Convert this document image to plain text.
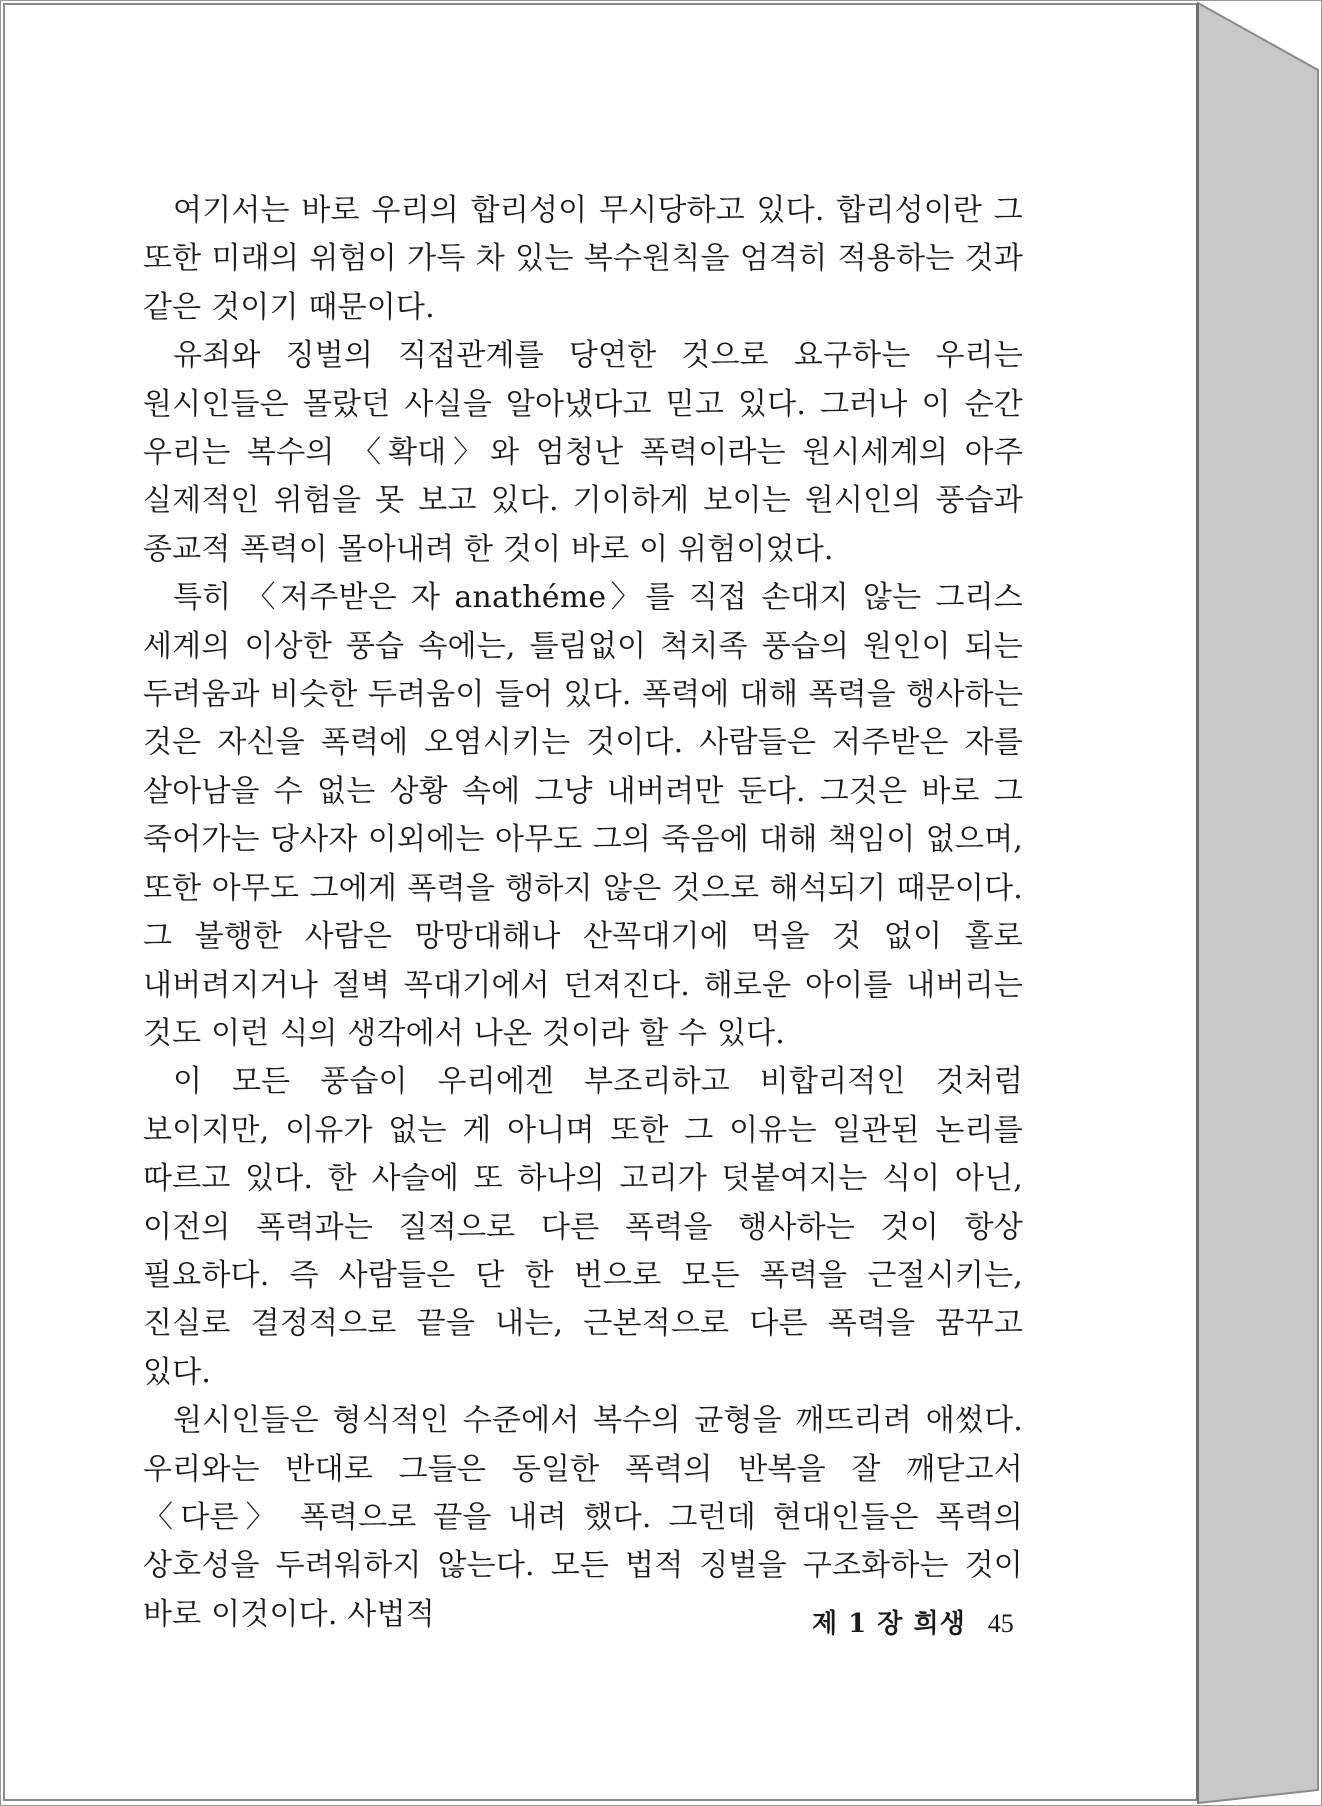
여기서는 바로 우리의 합리성이 무시당하고 있다. 합리성이란 그 또한 미래의 위험이 가득 차 있는 복수원칙을 엄격히 적용하는 것과 같은 것이기 때문이다.

유죄와 징벌의 직접관계를 당연한 것으로 요구하는 우리는 원시인들은 몰랐던 사실을 알아냈다고 믿고 있다. 그러나 이 순간 우리는 복수의 〈확대〉와 엄청난 폭력이라는 원시세계의 아주 실제적인 위험을 못 보고 있다. 기이하게 보이는 원시인의 풍습과 종교적 폭력이 몰아내려 한 것이 바로 이 위험이었다.

특히 〈저주받은 자 anathéme〉를 직접 손대지 않는 그리스 세계의 이상한 풍습 속에는, 틀림없이 척치족 풍습의 원인이 되는 두려움과 비슷한 두려움이 들어 있다. 폭력에 대해 폭력을 행사하는 것은 자신을 폭력에 오염시키는 것이다. 사람들은 저주받은 자를 살아남을 수 없는 상황 속에 그냥 내버려만 둔다. 그것은 바로 그 죽어가는 당사자 이외에는 아무도 그의 죽음에 대해 책임이 없으며, 또한 아무도 그에게 폭력을 행하지 않은 것으로 해석되기 때문이다. 그 불행한 사람은 망망대해나 산꼭대기에 먹을 것 없이 홀로 내버려지거나 절벽 꼭대기에서 던져진다. 해로운 아이를 내버리는 것도 이런 식의 생각에서 나온 것이라 할 수 있다.

이 모든 풍습이 우리에겐 부조리하고 비합리적인 것처럼 보이지만, 이유가 없는 게 아니며 또한 그 이유는 일관된 논리를 따르고 있다. 한 사슬에 또 하나의 고리가 덧붙여지는 식이 아닌, 이전의 폭력과는 질적으로 다른 폭력을 행사하는 것이 항상 필요하다. 즉 사람들은 단 한 번으로 모든 폭력을 근절시키는, 진실로 결정적으로 끝을 내는, 근본적으로 다른 폭력을 꿈꾸고 있다.

원시인들은 형식적인 수준에서 복수의 균형을 깨뜨리려 애썼다. 우리와는 반대로 그들은 동일한 폭력의 반복을 잘 깨닫고서 〈다른〉 폭력으로 끝을 내려 했다. 그런데 현대인들은 폭력의 상호성을 두려워하지 않는다. 모든 법적 징벌을 구조화하는 것이 바로 이것이다. 사법적	제 1 장 희생 45
